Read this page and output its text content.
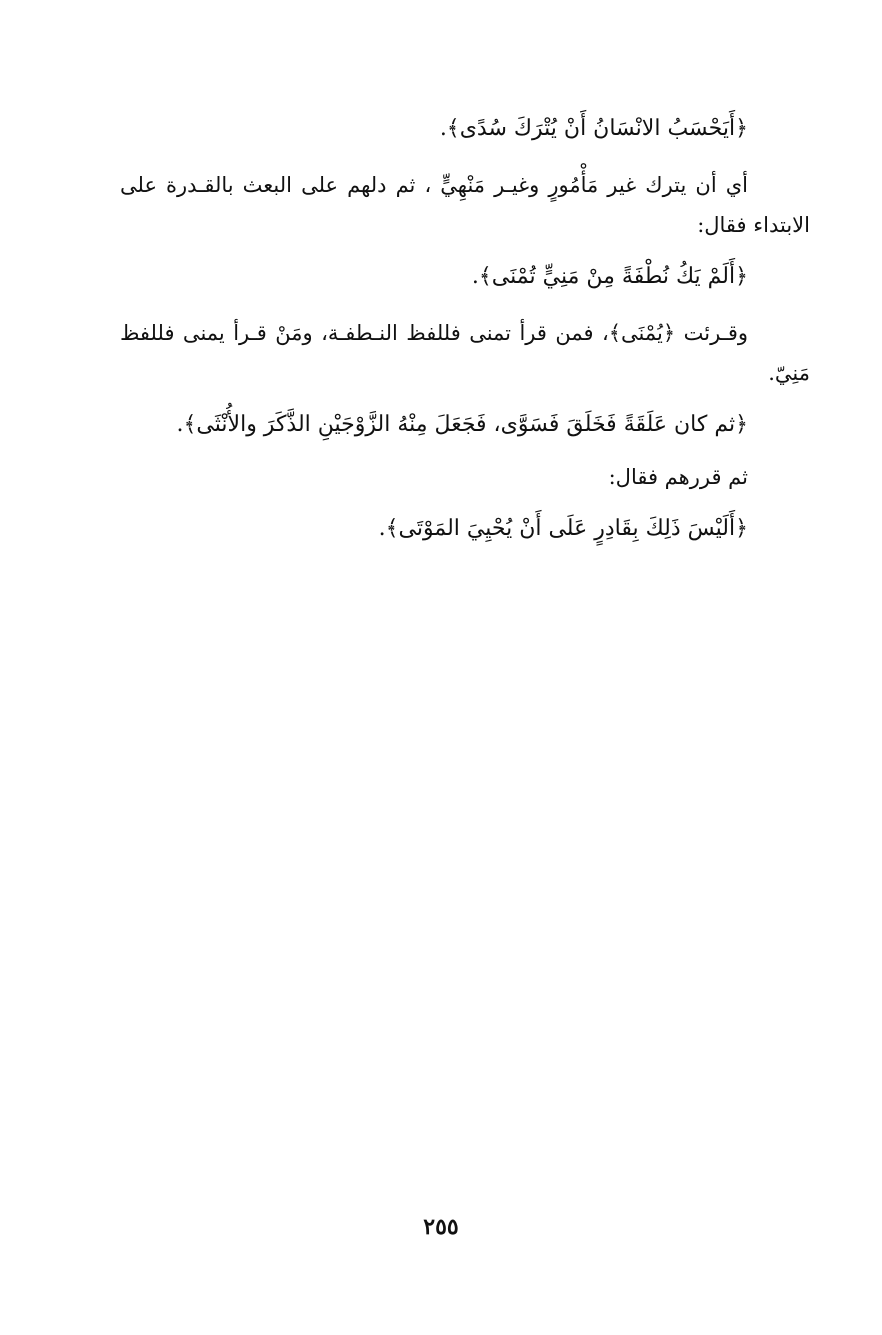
﴿أَيَحْسَبُ الانْسَانُ أَنْ يُتْرَكَ سُدًى﴾.
أي أن يترك غير مَأْمُورٍ وغيـر مَنْهِيٍّ ، ثم دلهم على البعث بالقـدرة على
الابتداء فقال:
﴿أَلَمْ يَكُ نُطْفَةً مِنْ مَنِيٍّ تُمْنَى﴾.
وقـرئت ﴿يُمْنَى﴾، فمن قرأ تمنى فللفظ النـطفـة، ومَنْ قـرأ يمنى فللفظ
مَنِيّ.
﴿ثم كان عَلَقَةً فَخَلَقَ فَسَوَّى، فَجَعَلَ مِنْهُ الزَّوْجَيْنِ الذَّكَرَ والأُنْثَى﴾.
ثم قررهم فقال:
﴿أَلَيْسَ ذَلِكَ بِقَادِرٍ عَلَى أَنْ يُحْيِيَ المَوْتَى﴾.
٢٥٥
